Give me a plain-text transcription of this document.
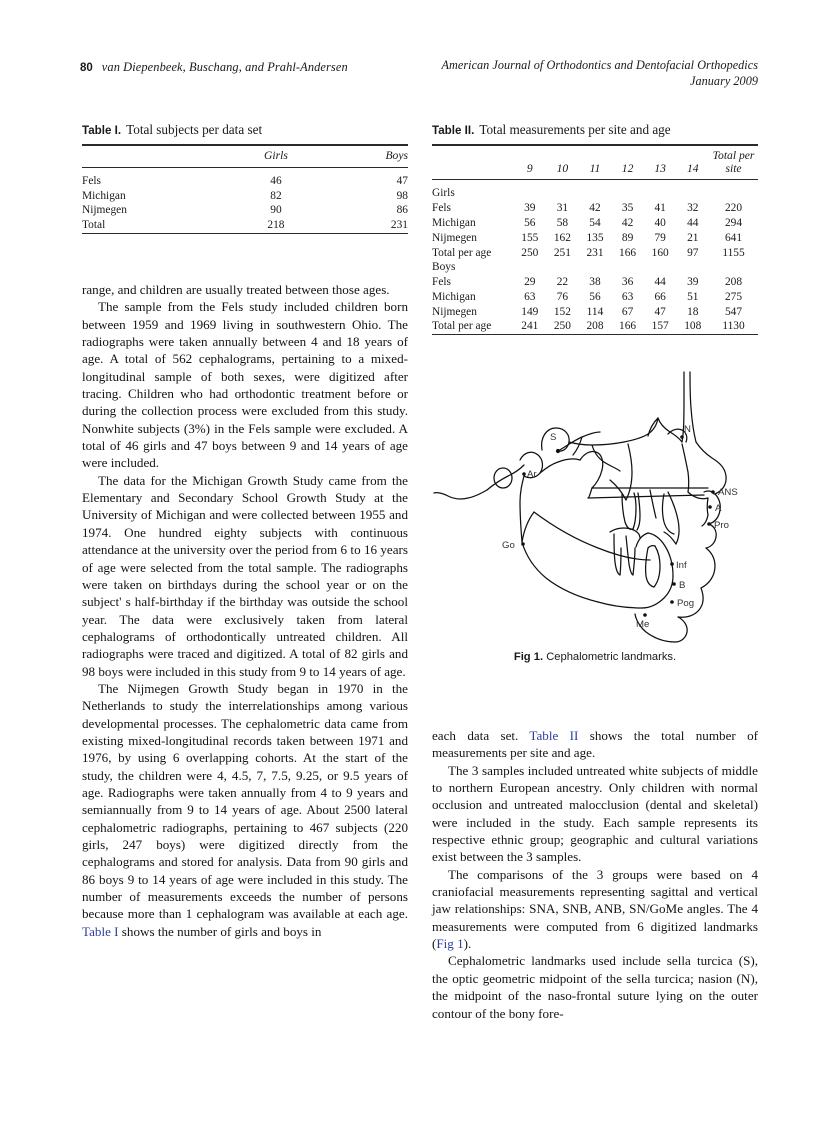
80 van Diepenbeek, Buschang, and Prahl-Andersen	American Journal of Orthodontics and Dentofacial Orthopedics
January 2009
Table I. Total subjects per data set
	Girls	Boys

Fels	46	47
Michigan	82	98
Nijmegen	90	86
Total	218	231

Table II. Total measurements per site and age
	9	10	11	12	13	14	Total per site

Girls							
Fels	39	31	42	35	41	32	220
Michigan	56	58	54	42	40	44	294
Nijmegen	155	162	135	89	79	21	641
Total per age	250	251	231	166	160	97	1155
Boys							
Fels	29	22	38	36	44	39	208
Michigan	63	76	56	63	66	51	275
Nijmegen	149	152	114	67	47	18	547
Total per age	241	250	208	166	157	108	1130

range, and children are usually treated between those ages.

The sample from the Fels study included children born between 1959 and 1969 living in southwestern Ohio. The radiographs were taken annually between 4 and 18 years of age. A total of 562 cephalograms, pertaining to a mixed-longitudinal sample of both sexes, were digitized after tracing. Children who had orthodontic treatment before or during the collection process were excluded from this study. Nonwhite subjects (3%) in the Fels sample were excluded. A total of 46 girls and 47 boys between 9 and 14 years of age were included.

The data for the Michigan Growth Study came from the Elementary and Secondary School Growth Study at the University of Michigan and were collected between 1955 and 1974. One hundred eighty subjects with continuous attendance at the university over the period from 6 to 16 years of age were selected from the total sample. The radiographs were taken on birthdays during the school year or on the subject' s half-birthday if the birthday was outside the school year. The data were exclusively taken from lateral cephalograms of orthodontically untreated children. All radiographs were traced and digitized. A total of 82 girls and 98 boys were included in this study from 9 to 14 years of age.

The Nijmegen Growth Study began in 1970 in the Netherlands to study the interrelationships among various developmental processes. The cephalometric data came from existing mixed-longitudinal records taken between 1971 and 1976, by using 6 overlapping cohorts. At the start of the study, the children were 4, 4.5, 7, 7.5, 9.25, or 9.5 years of age. Radiographs were taken annually from 4 to 9 years and semiannually from 9 to 14 years of age. About 2500 lateral cephalometric radiographs, pertaining to 467 subjects (220 girls, 247 boys) were digitized directly from the cephalograms and stored for analysis. Data from 90 girls and 86 boys 9 to 14 years of age were included in this study. The number of measurements exceeds the number of persons because more than 1 cephalogram was available at each age. Table I shows the number of girls and boys in

S
N
Ar
ANS
A
Pro
Go
Inf
B
Pog
Me
Fig 1. Cephalometric landmarks.

each data set. Table II shows the total number of measurements per site and age.

The 3 samples included untreated white subjects of middle to northern European ancestry. Only children with normal occlusion and untreated malocclusion (dental and skeletal) were included in the study. Each sample represents its respective ethnic group; geographic and cultural variations exist between the 3 samples.

The comparisons of the 3 groups were based on 4 craniofacial measurements representing sagittal and vertical jaw relationships: SNA, SNB, ANB, SN/GoMe angles. The 4 measurements were computed from 6 digitized landmarks (Fig 1).

Cephalometric landmarks used include sella turcica (S), the optic geometric midpoint of the sella turcica; nasion (N), the midpoint of the naso-frontal suture lying on the outer contour of the bony fore-
